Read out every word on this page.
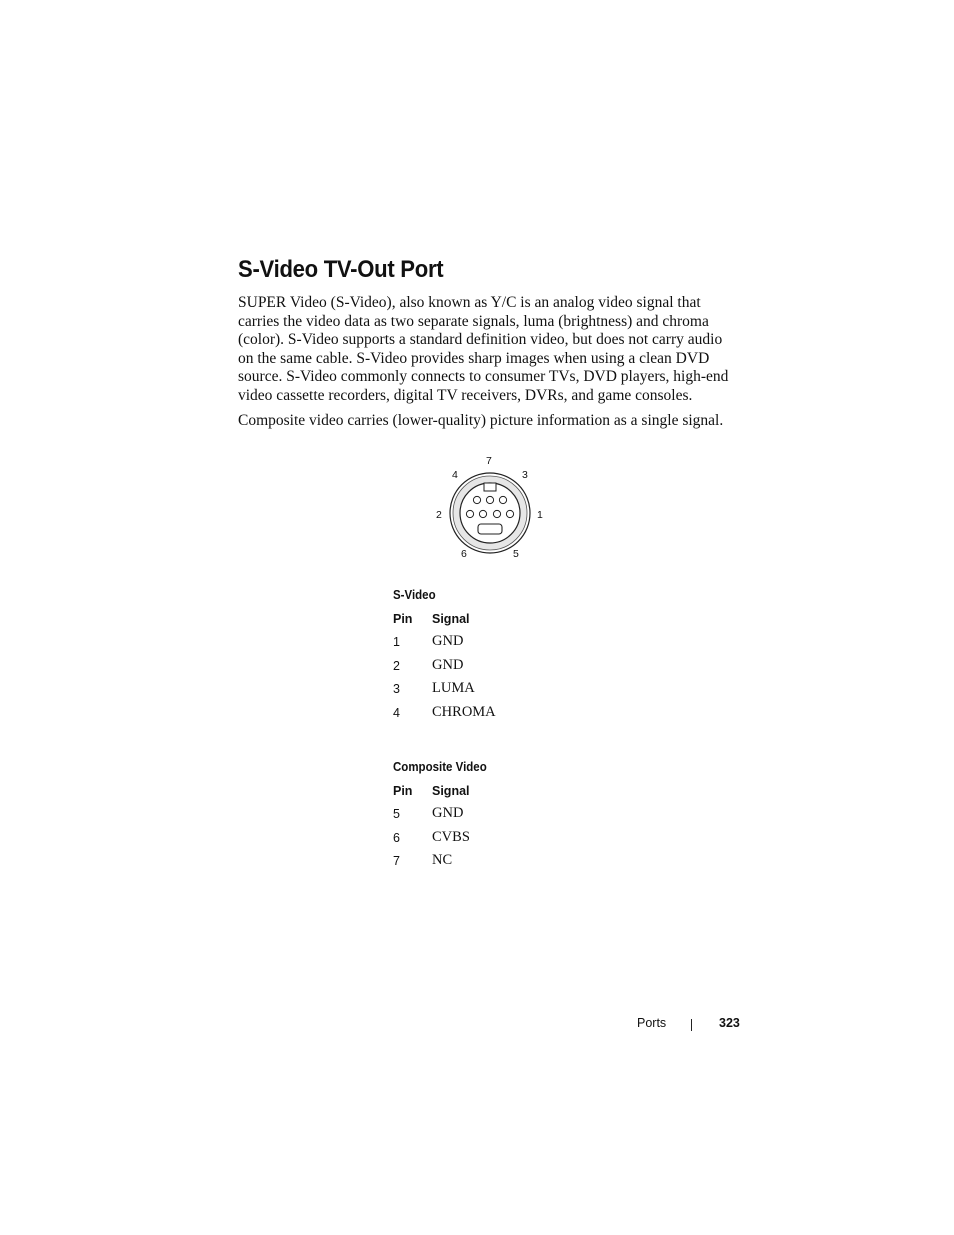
S-Video TV-Out Port

SUPER Video (S-Video), also known as Y/C is an analog video signal that carries the video data as two separate signals, luma (brightness) and chroma (color). S-Video supports a standard definition video, but does not carry audio on the same cable. S-Video provides sharp images when using a clean DVD source. S-Video commonly connects to consumer TVs, DVD players, high-end video cassette recorders, digital TV receivers, DVRs, and game consoles.

Composite video carries (lower-quality) picture information as a single signal.

1
2
3
4
5
6
7
S-Video
Pin Signal
1 GND
2 GND
3 LUMA
4 CHROMA
Composite Video
Pin Signal
5 GND
6 CVBS
7 NC
Ports	323
